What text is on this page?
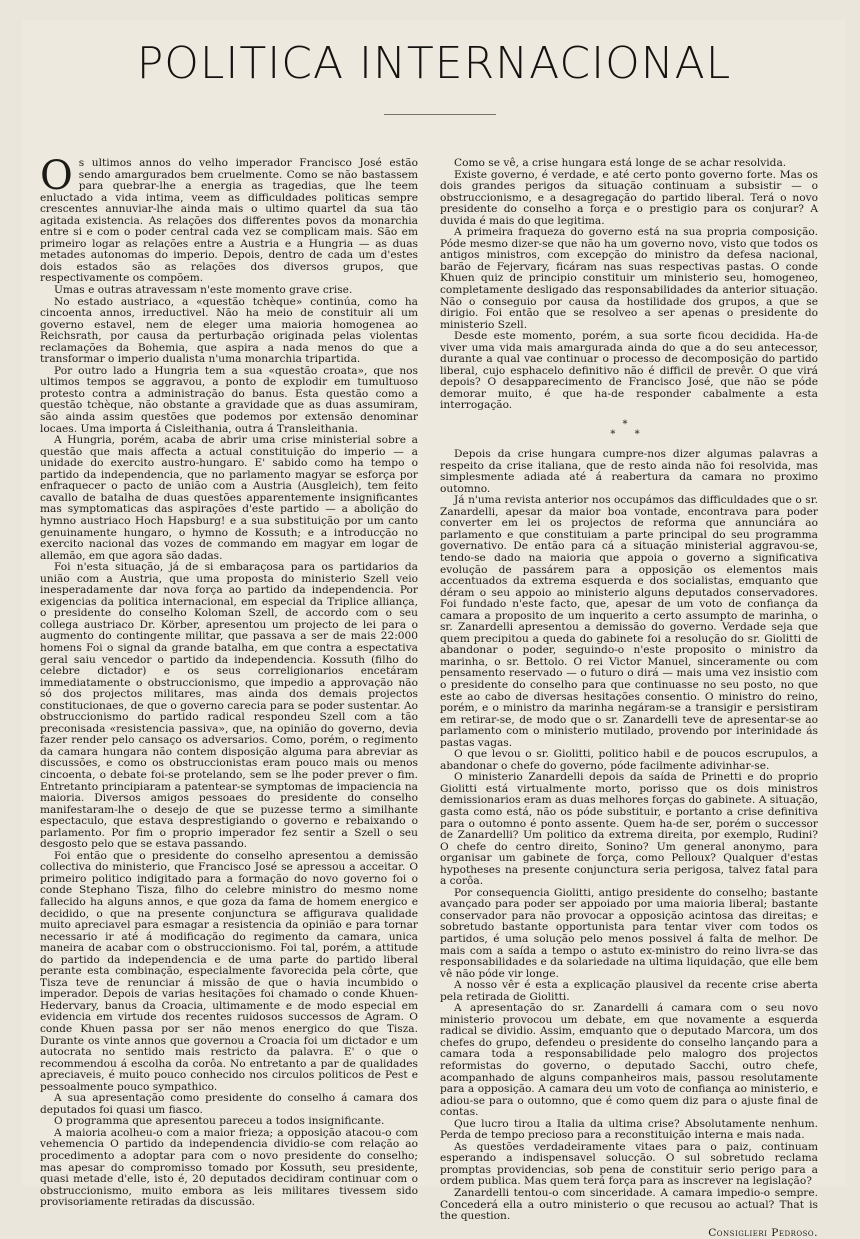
POLITICA INTERNACIONAL

Os ultimos annos do velho imperador Francisco José estão sendo amargurados bem cruelmente. Como se não bastassem para quebrar-lhe a energia as tragedias, que lhe teem enluctado a vida intima, veem as difficuldades politicas sempre crescentes annuviar-lhe ainda mais o ultimo quartel da sua tão agitada existencia. As relações dos differentes povos da monarchia entre si e com o poder central cada vez se complicam mais. São em primeiro logar as relações entre a Austria e a Hungria — as duas metades autonomas do imperio. Depois, dentro de cada um d'estes dois estados são as relações dos diversos grupos, que respectivamente os compõem.

Umas e outras atravessam n'este momento grave crise.

No estado austriaco, a «questão tchèque» continúa, como ha cincoenta annos, irreductivel. Não ha meio de constituir ali um governo estavel, nem de eleger uma maioria homogenea ao Reichsrath, por causa da perturbação originada pelas violentas reclamações da Bohemia, que aspira a nada menos do que a transformar o imperio dualista n'uma monarchia tripartida.

Por outro lado a Hungria tem a sua «questão croata», que nos ultimos tempos se aggravou, a ponto de explodir em tumultuoso protesto contra a administração do banus. Esta questão como a questão tchèque, não obstante a gravidade que as duas assumiram, são ainda assim questões que podemos por extensão denominar locaes. Uma importa á Cisleithania, outra á Transleithania.

A Hungria, porém, acaba de abrir uma crise ministerial sobre a questão que mais affecta a actual constituição do imperio — a unidade do exercito austro-hungaro. E' sabido como ha tempo o partido da independencia, que no parlamento magyar se esforça por enfraquecer o pacto de união com a Austria (Ausgleich), tem feito cavallo de batalha de duas questões apparentemente insignificantes mas symptomaticas das aspirações d'este partido — a abolição do hymno austriaco Hoch Hapsburg! e a sua substituição por um canto genuinamente hungaro, o hymno de Kossuth; e a introducção no exercito nacional das vozes de commando em magyar em logar de allemão, em que agora são dadas.

Foi n'esta situação, já de si embaraçosa para os partidarios da união com a Austria, que uma proposta do ministerio Szell veio inesperadamente dar nova força ao partido da independencia. Por exigencias da politica internacional, em especial da Triplice alliança, o presidente do conselho Koloman Szell, de accordo com o seu collega austriaco Dr. Körber, apresentou um projecto de lei para o augmento do contingente militar, que passava a ser de mais 22:000 homens Foi o signal da grande batalha, em que contra a espectativa geral saiu vencedor o partido da independencia. Kossuth (filho do celebre dictador) e os seus correligionarios encetáram immediatamente o obstruccionismo, que impedio a approvação não só dos projectos militares, mas ainda dos demais projectos constitucionaes, de que o governo carecia para se poder sustentar. Ao obstruccionismo do partido radical respondeu Szell com a tão preconisada «resistencia passiva», que, na opinião do governo, devia fazer render pelo cansaço os adversarios. Como, porém, o regimento da camara hungara não contem disposição alguma para abreviar as discussões, e como os obstruccionistas eram pouco mais ou menos cincoenta, o debate foi-se protelando, sem se lhe poder prever o fim. Entretanto principiaram a patentear-se symptomas de impaciencia na maioria. Diversos amigos pessoaes do presidente do conselho manifestaram-lhe o desejo de que se puzesse termo a similhante espectaculo, que estava desprestigiando o governo e rebaixando o parlamento. Por fim o proprio imperador fez sentir a Szell o seu desgosto pelo que se estava passando.

Foi então que o presidente do conselho apresentou a demissão collectiva do ministerio, que Francisco José se apressou a acceitar. O primeiro politico indigitado para a formação do novo governo foi o conde Stephano Tisza, filho do celebre ministro do mesmo nome fallecido ha alguns annos, e que goza da fama de homem energico e decidido, o que na presente conjunctura se affigurava qualidade muito apreciavel para esmagar a resistencia da opinião e para tornar necessario ir até á modificação do regimento da camara, unica maneira de acabar com o obstruccionismo. Foi tal, porém, a attitude do partido da independencia e de uma parte do partido liberal perante esta combinação, especialmente favorecida pela côrte, que Tisza teve de renunciar á missão de que o havia incumbido o imperador. Depois de varias hesitações foi chamado o conde Khuen-Hedervary, banus da Croacia, ultimamente e de modo especial em evidencia em virtude dos recentes ruidosos successos de Agram. O conde Khuen passa por ser não menos energico do que Tisza. Durante os vinte annos que governou a Croacia foi um dictador e um autocrata no sentido mais restricto da palavra. E' o que o recommendou á escolha da corôa. No entretanto a par de qualidades apreciaveis, é muito pouco conhecido nos circulos politicos de Pest e pessoalmente pouco sympathico.

A sua apresentação como presidente do conselho á camara dos deputados foi quasi um fiasco.

O programma que apresentou pareceu a todos insignificante.

A maioria acolheu-o com a maior frieza; a opposição atacou-o com vehemencia O partido da independencia dividio-se com relação ao procedimento a adoptar para com o novo presidente do conselho; mas apesar do compromisso tomado por Kossuth, seu presidente, quasi metade d'elle, isto é, 20 deputados decidiram continuar com o obstruccionismo, muito embora as leis militares tivessem sido provisoriamente retiradas da discussão.

Como se vê, a crise hungara está longe de se achar resolvida.

Existe governo, é verdade, e até certo ponto governo forte. Mas os dois grandes perigos da situação continuam a subsistir — o obstruccionismo, e a desagregação do partido liberal. Terá o novo presidente do conselho a força e o prestigio para os conjurar? A duvida é mais do que legitima.

A primeira fraqueza do governo está na sua propria composição. Póde mesmo dizer-se que não ha um governo novo, visto que todos os antigos ministros, com excepção do ministro da defesa nacional, barão de Fejervary, ficáram nas suas respectivas pastas. O conde Khuen quiz de principio constituir um ministerio seu, homogeneo, completamente desligado das responsabilidades da anterior situação. Não o conseguio por causa da hostilidade dos grupos, a que se dirigio. Foi então que se resolveo a ser apenas o presidente do ministerio Szell.

Desde este momento, porém, a sua sorte ficou decidida. Ha-de viver uma vida mais amargurada ainda do que a do seu antecessor, durante a qual vae continuar o processo de decomposição do partido liberal, cujo esphacelo definitivo não é difficil de prevêr. O que virá depois? O desapparecimento de Francisco José, que não se póde demorar muito, é que ha-de responder cabalmente a esta interrogação.

*
* *

Depois da crise hungara cumpre-nos dizer algumas palavras a respeito da crise italiana, que de resto ainda não foi resolvida, mas simplesmente adiada até á reabertura da camara no proximo outomno.

Já n'uma revista anterior nos occupámos das difficuldades que o sr. Zanardelli, apesar da maior boa vontade, encontrava para poder converter em lei os projectos de reforma que annunciára ao parlamento e que constituiam a parte principal do seu programma governativo. De então para cá a situação ministerial aggravou-se, tendo-se dado na maioria que appoia o governo a significativa evolução de passárem para a opposição os elementos mais accentuados da extrema esquerda e dos socialistas, emquanto que déram o seu appoio ao ministerio alguns deputados conservadores. Foi fundado n'este facto, que, apesar de um voto de confiança da camara a proposito de um inquerito a certo assumpto de marinha, o sr. Zanardelli apresentou a demissão do governo. Verdade seja que quem precipitou a queda do gabinete foi a resolução do sr. Giolitti de abandonar o poder, seguindo-o n'este proposito o ministro da marinha, o sr. Bettolo. O rei Victor Manuel, sinceramente ou com pensamento reservado — o futuro o dirá — mais uma vez insistio com o presidente do conselho para que continuasse no seu posto, no que este ao cabo de diversas hesitações consentio. O ministro do reino, porém, e o ministro da marinha negáram-se a transigir e persistiram em retirar-se, de modo que o sr. Zanardelli teve de apresentar-se ao parlamento com o ministerio mutilado, provendo por interinidade ás pastas vagas.

O que levou o sr. Giolitti, politico habil e de poucos escrupulos, a abandonar o chefe do governo, póde facilmente adivinhar-se.

O ministerio Zanardelli depois da saída de Prinetti e do proprio Giolitti está virtualmente morto, porisso que os dois ministros demissionarios eram as duas melhores forças do gabinete. A situação, gasta como está, não os póde substituir, e portanto a crise definitiva para o outomno é ponto assente. Quem ha-de ser, porém o successor de Zanardelli? Um politico da extrema direita, por exemplo, Rudini? O chefe do centro direito, Sonino? Um general anonymo, para organisar um gabinete de força, como Pelloux? Qualquer d'estas hypotheses na presente conjunctura seria perigosa, talvez fatal para a corôa.

Por consequencia Giolitti, antigo presidente do conselho; bastante avançado para poder ser appoiado por uma maioria liberal; bastante conservador para não provocar a opposição acintosa das direitas; e sobretudo bastante opportunista para tentar viver com todos os partidos, é uma solução pelo menos possivel á falta de melhor. De mais com a saída a tempo o astuto ex-ministro do reino livra-se das responsabilidades e da solariedade na ultima liquidação, que elle bem vê não póde vir longe.

A nosso vêr é esta a explicação plausivel da recente crise aberta pela retirada de Giolitti.

A apresentação do sr. Zanardelli á camara com o seu novo ministerio provocou um debate, em que novamente a esquerda radical se dividio. Assim, emquanto que o deputado Marcora, um dos chefes do grupo, defendeu o presidente do conselho lançando para a camara toda a responsabilidade pelo malogro dos projectos reformistas do governo, o deputado Sacchi, outro chefe, acompanhado de alguns companheiros mais, passou resolutamente para a opposição. A camara deu um voto de confiança ao ministerio, e adiou-se para o outomno, que é como quem diz para o ajuste final de contas.

Que lucro tirou a Italia da ultima crise? Absolutamente nenhum. Perda de tempo precioso para a reconstituição interna e mais nada.

As questões verdadeiramente vitaes para o paiz, continuam esperando a indispensavel solucção. O sul sobretudo reclama promptas providencias, sob pena de constituir serio perigo para a ordem publica. Mas quem terá força para as inscrever na legislação?

Zanardelli tentou-o com sinceridade. A camara impedio-o sempre. Concederá ella a outro ministerio o que recusou ao actual? That is the question.

Consiglieri Pedroso.
